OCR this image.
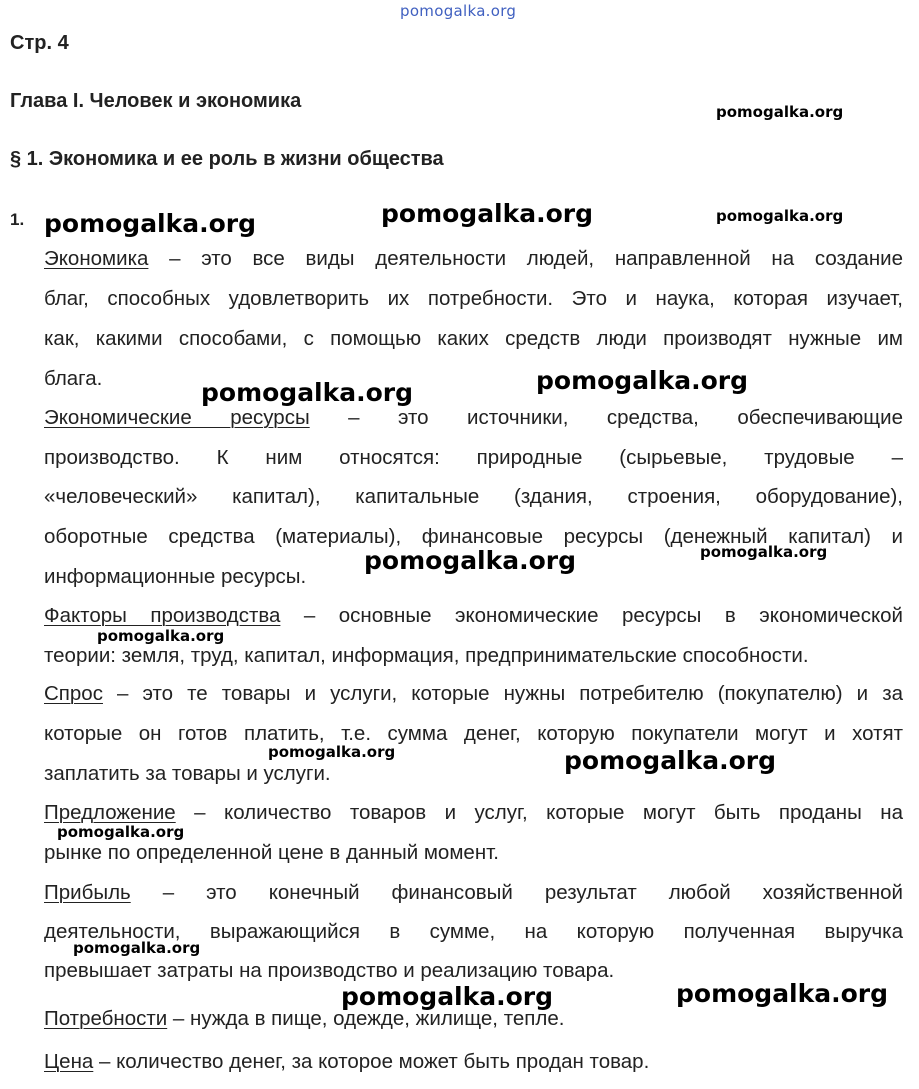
Стр. 4
Глава I. Человек и экономика
§ 1. Экономика и ее роль в жизни общества
1.
Экономика – это все виды деятельности людей, направленной на создание
благ, способных удовлетворить их потребности. Это и наука, которая изучает,
как, какими способами, с помощью каких средств люди производят нужные им
блага.
Экономические ресурсы – это источники, средства, обеспечивающие
производство. К ним относятся: природные (сырьевые, трудовые –
«человеческий» капитал), капитальные (здания, строения, оборудование),
оборотные средства (материалы), финансовые ресурсы (денежный капитал) и
информационные ресурсы.
Факторы производства – основные экономические ресурсы в экономической
теории: земля, труд, капитал, информация, предпринимательские способности.
Спрос – это те товары и услуги, которые нужны потребителю (покупателю) и за
которые он готов платить, т.е. сумма денег, которую покупатели могут и хотят
заплатить за товары и услуги.
Предложение – количество товаров и услуг, которые могут быть проданы на
рынке по определенной цене в данный момент.
Прибыль – это конечный финансовый результат любой хозяйственной
деятельности, выражающийся в сумме, на которую полученная выручка
превышает затраты на производство и реализацию товара.
Потребности – нужда в пище, одежде, жилище, тепле.
Цена – количество денег, за которое может быть продан товар.
pomogalka.org
pomogalka.org
pomogalka.org	pomogalka.org	pomogalka.org
pomogalka.org	pomogalka.org
pomogalka.org
pomogalka.org
pomogalka.org
pomogalka.org	pomogalka.org
pomogalka.org
pomogalka.org
pomogalka.org	pomogalka.org
